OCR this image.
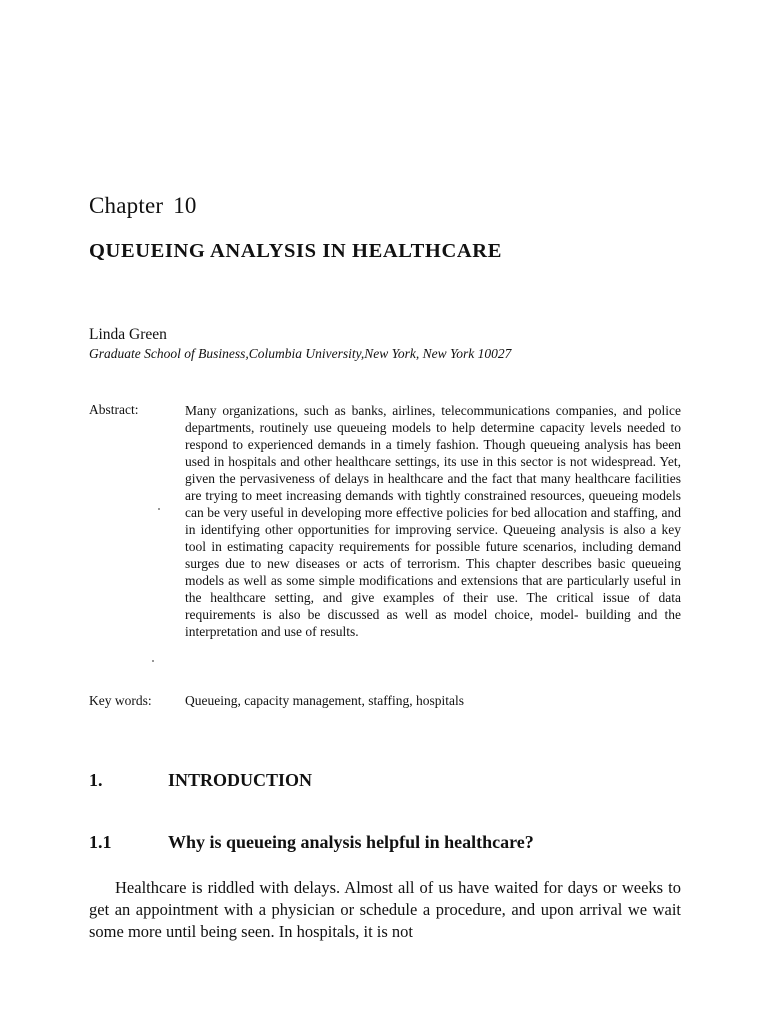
Chapter 10
QUEUEING ANALYSIS IN HEALTHCARE
Linda Green
Graduate School of Business,Columbia University,New York, New York 10027
Abstract:	Many organizations, such as banks, airlines, telecommunications companies, and police departments, routinely use queueing models to help determine capacity levels needed to respond to experienced demands in a timely fashion. Though queueing analysis has been used in hospitals and other healthcare settings, its use in this sector is not widespread. Yet, given the pervasiveness of delays in healthcare and the fact that many healthcare facilities are trying to meet increasing demands with tightly constrained resources, queueing models can be very useful in developing more effective policies for bed allocation and staffing, and in identifying other opportunities for improving service. Queueing analysis is also a key tool in estimating capacity requirements for possible future scenarios, including demand surges due to new diseases or acts of terrorism. This chapter describes basic queueing models as well as some simple modifications and extensions that are particularly useful in the healthcare setting, and give examples of their use. The critical issue of data requirements is also be discussed as well as model choice, model- building and the interpretation and use of results.

Key words: Queueing, capacity management, staffing, hospitals
1.	INTRODUCTION
1.1	Why is queueing analysis helpful in healthcare?

Healthcare is riddled with delays. Almost all of us have waited for days or weeks to get an appointment with a physician or schedule a procedure, and upon arrival we wait some more until being seen. In hospitals, it is not
